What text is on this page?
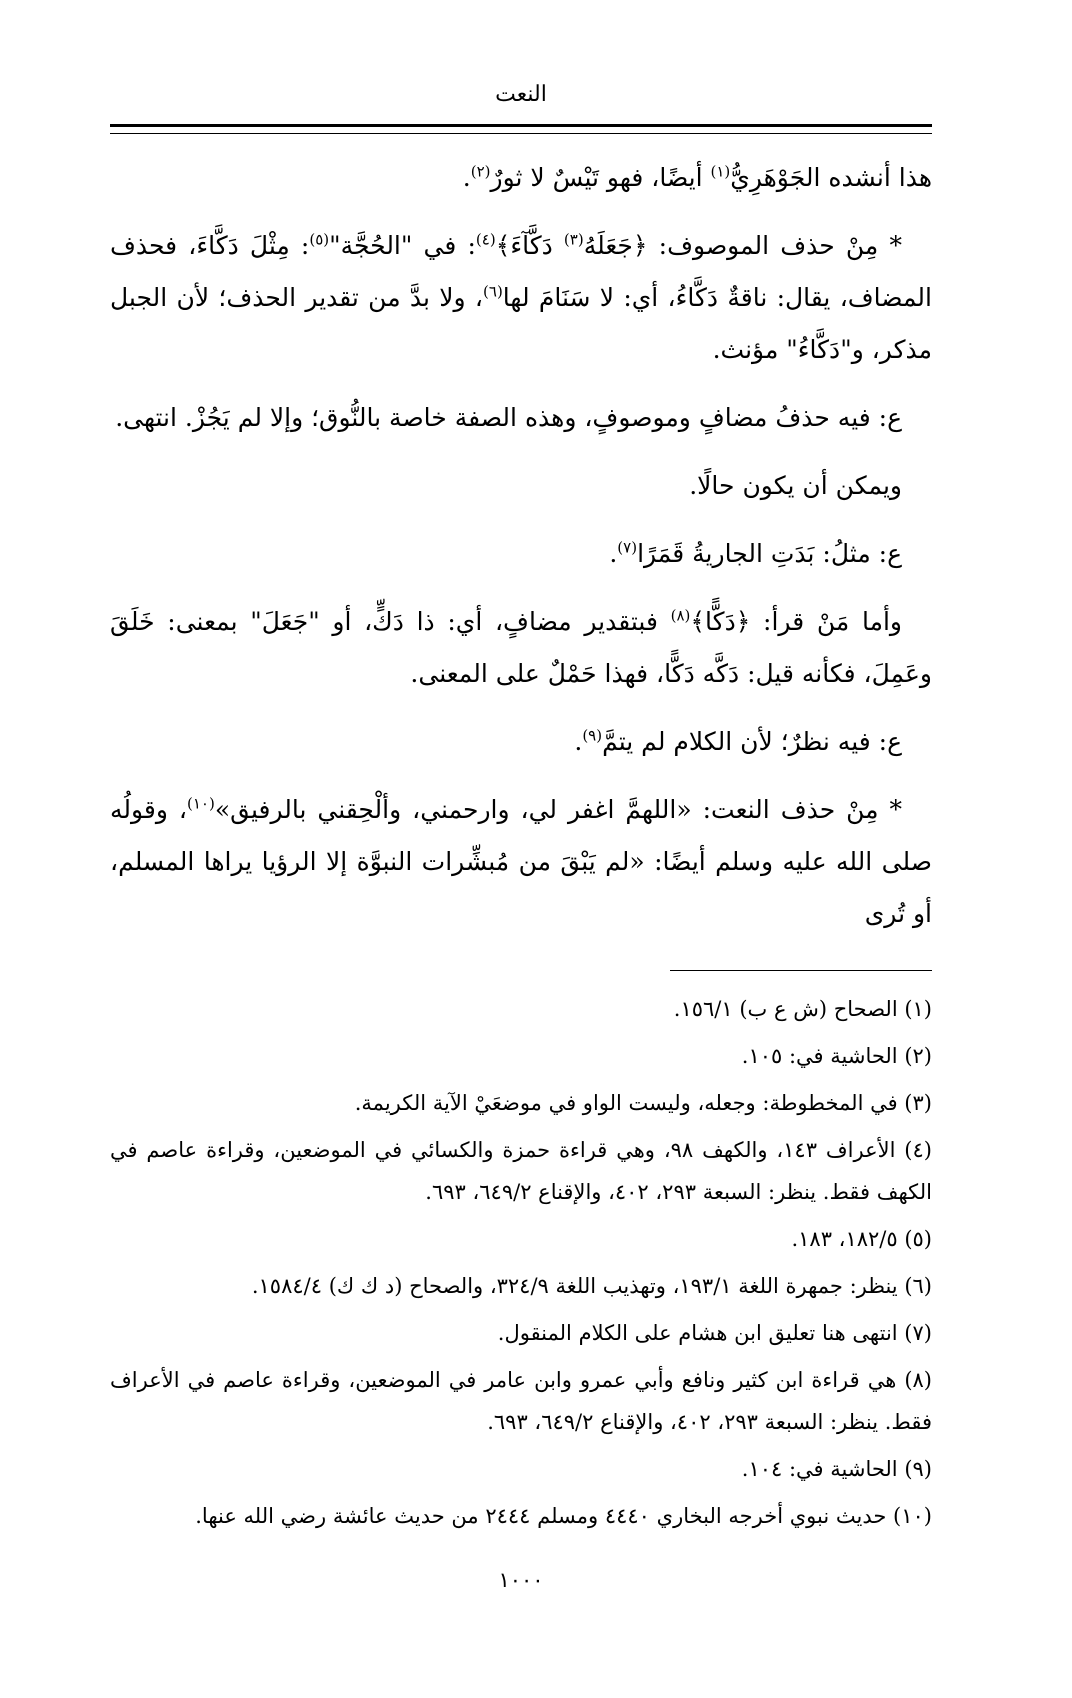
النعت

هذا أنشده الجَوْهَرِيُّ$^{(١)}$ أيضًا، فهو تَيْسٌ لا ثورٌ$^{(٢)}$.

* مِنْ حذف الموصوف: ﴿جَعَلَهُ$^{(٣)}$ دَكَّآءَ﴾$^{(٤)}$: في "الحُجَّة"$^{(٥)}$: مِثْلَ دَكَّاءَ، فحذف المضاف، يقال: ناقةٌ دَكَّاءُ، أي: لا سَنَامَ لها$^{(٦)}$، ولا بدَّ من تقدير الحذف؛ لأن الجبل مذكر، و"دَكَّاءُ" مؤنث.

ع: فيه حذفُ مضافٍ وموصوفٍ، وهذه الصفة خاصة بالنُّوق؛ وإلا لم يَجُزْ. انتهى.

ويمكن أن يكون حالًا.

ع: مثلُ: بَدَتِ الجاريةُ قَمَرًا$^{(٧)}$.

وأما مَنْ قرأ: ﴿دَكًّا﴾$^{(٨)}$ فبتقدير مضافٍ، أي: ذا دَكٍّ، أو "جَعَلَ" بمعنى: خَلَقَ وعَمِلَ، فكأنه قيل: دَكَّه دَكًّا، فهذا حَمْلٌ على المعنى.

ع: فيه نظرٌ؛ لأن الكلام لم يتمَّ$^{(٩)}$.

* مِنْ حذف النعت: «اللهمَّ اغفر لي، وارحمني، وألْحِقني بالرفيق»$^{(١٠)}$، وقولُه صلى الله عليه وسلم أيضًا: «لم يَبْقَ من مُبشِّرات النبوَّة إلا الرؤيا يراها المسلم، أو تُرى

(١) الصحاح (ش ع ب) ١٥٦/١.

(٢) الحاشية في: ١٠٥.

(٣) في المخطوطة: وجعله، وليست الواو في موضعَيْ الآية الكريمة.

(٤) الأعراف ١٤٣، والكهف ٩٨، وهي قراءة حمزة والكسائي في الموضعين، وقراءة عاصم في الكهف فقط. ينظر: السبعة ٢٩٣، ٤٠٢، والإقناع ٦٤٩/٢، ٦٩٣.

(٥) ١٨٢/٥، ١٨٣.

(٦) ينظر: جمهرة اللغة ١٩٣/١، وتهذيب اللغة ٣٢٤/٩، والصحاح (د ك ك) ١٥٨٤/٤.

(٧) انتهى هنا تعليق ابن هشام على الكلام المنقول.

(٨) هي قراءة ابن كثير ونافع وأبي عمرو وابن عامر في الموضعين، وقراءة عاصم في الأعراف فقط. ينظر: السبعة ٢٩٣، ٤٠٢، والإقناع ٦٤٩/٢، ٦٩٣.

(٩) الحاشية في: ١٠٤.

(١٠) حديث نبوي أخرجه البخاري ٤٤٤٠ ومسلم ٢٤٤٤ من حديث عائشة رضي الله عنها.

١٠٠٠
